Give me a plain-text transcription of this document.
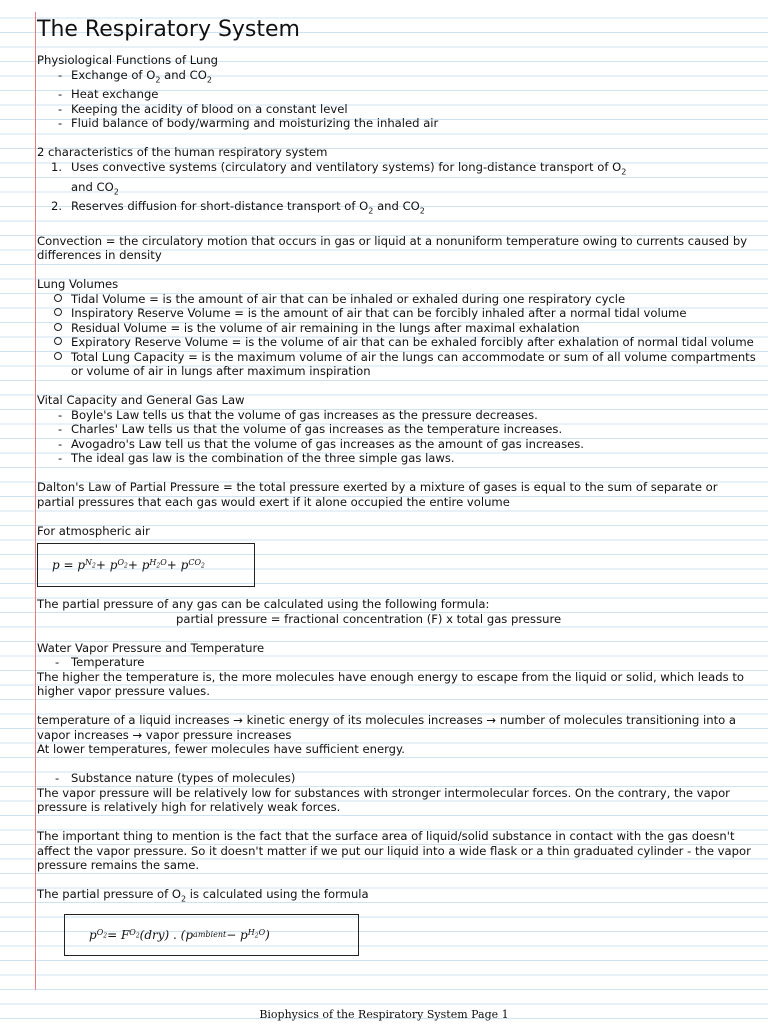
The Respiratory System

Physiological Functions of Lung

- Exchange of $O_2$ and $CO_2$

- Heat exchange

- Keeping the acidity of blood on a constant level

- Fluid balance of body/warming and moisturizing the inhaled air

2 characteristics of the human respiratory system

1. Uses convective systems (circulatory and ventilatory systems) for long-distance transport of $O_2$
and $CO_2$

2. Reserves diffusion for short-distance transport of $O_2$ and $CO_2$

Convection = the circulatory motion that occurs in gas or liquid at a nonuniform temperature owing to currents caused by differences in density

Lung Volumes

Tidal Volume = is the amount of air that can be inhaled or exhaled during one respiratory cycle

Inspiratory Reserve Volume = is the amount of air that can be forcibly inhaled after a normal tidal volume

Residual Volume = is the volume of air remaining in the lungs after maximal exhalation

Expiratory Reserve Volume = is the volume of air that can be exhaled forcibly after exhalation of normal tidal volume

Total Lung Capacity = is the maximum volume of air the lungs can accommodate or sum of all volume compartments or volume of air in lungs after maximum inspiration

Vital Capacity and General Gas Law

- Boyle's Law tells us that the volume of gas increases as the pressure decreases.

- Charles' Law tells us that the volume of gas increases as the temperature increases.

- Avogadro's Law tell us that the volume of gas increases as the amount of gas increases.

- The ideal gas law is the combination of the three simple gas laws.

Dalton's Law of Partial Pressure = the total pressure exerted by a mixture of gases is equal to the sum of separate or partial pressures that each gas would exert if it alone occupied the entire volume

For atmospheric air

p = p $N_2 + p$ $O_2 + p$ $H_2O + p$ $CO_2$

The partial pressure of any gas can be calculated using the following formula:

partial pressure = fractional concentration (F) x total gas pressure

Water Vapor Pressure and Temperature

- Temperature

The higher the temperature is, the more molecules have enough energy to escape from the liquid or solid, which leads to higher vapor pressure values.

temperature of a liquid increases → kinetic energy of its molecules increases → number of molecules transitioning into a vapor increases → vapor pressure increases

At lower temperatures, fewer molecules have sufficient energy.

- Substance nature (types of molecules)

The vapor pressure will be relatively low for substances with stronger intermolecular forces. On the contrary, the vapor pressure is relatively high for relatively weak forces.

The important thing to mention is the fact that the surface area of liquid/solid substance in contact with the gas doesn't affect the vapor pressure. So it doesn't matter if we put our liquid into a wide flask or a thin graduated cylinder - the vapor pressure remains the same.

The partial pressure of $O_2$ is calculated using the formula

p $O_2 = F$ $O_2$ (dry) . (p ambient − p $H_2O$ )
Biophysics of the Respiratory System Page 1
